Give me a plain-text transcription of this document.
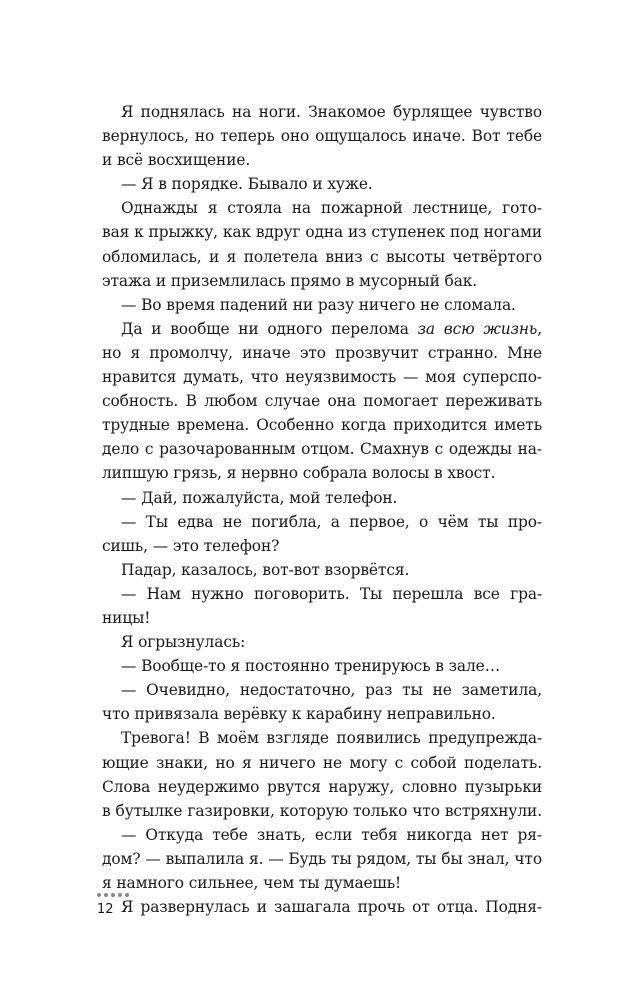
Я поднялась на ноги. Знакомое бурлящее чувство
вернулось, но теперь оно ощущалось иначе. Вот тебе
и всё восхищение.
— Я в порядке. Бывало и хуже.
Однажды я стояла на пожарной лестнице, гото-
вая к прыжку, как вдруг одна из ступенек под ногами
обломилась, и я полетела вниз с высоты четвёртого
этажа и приземлилась прямо в мусорный бак.
— Во время падений ни разу ничего не сломала.
Да и вообще ни одного перелома за всю жизнь,
но я промолчу, иначе это прозвучит странно. Мне
нравится думать, что неуязвимость — моя суперспо-
собность. В любом случае она помогает переживать
трудные времена. Особенно когда приходится иметь
дело с разочарованным отцом. Смахнув с одежды на-
липшую грязь, я нервно собрала волосы в хвост.
— Дай, пожалуйста, мой телефон.
— Ты едва не погибла, а первое, о чём ты про-
сишь, — это телефон?
Падар, казалось, вот-вот взорвётся.
— Нам нужно поговорить. Ты перешла все гра-
ницы!
Я огрызнулась:
— Вообще-то я постоянно тренируюсь в зале…
— Очевидно, недостаточно, раз ты не заметила,
что привязала верёвку к карабину неправильно.
Тревога! В моём взгляде появились предупрежда-
ющие знаки, но я ничего не могу с собой поделать.
Слова неудержимо рвутся наружу, словно пузырьки
в бутылке газировки, которую только что встряхнули.
— Откуда тебе знать, если тебя никогда нет ря-
дом? — выпалила я. — Будь ты рядом, ты бы знал, что
я намного сильнее, чем ты думаешь!
Я развернулась и зашагала прочь от отца. Подня-
12
